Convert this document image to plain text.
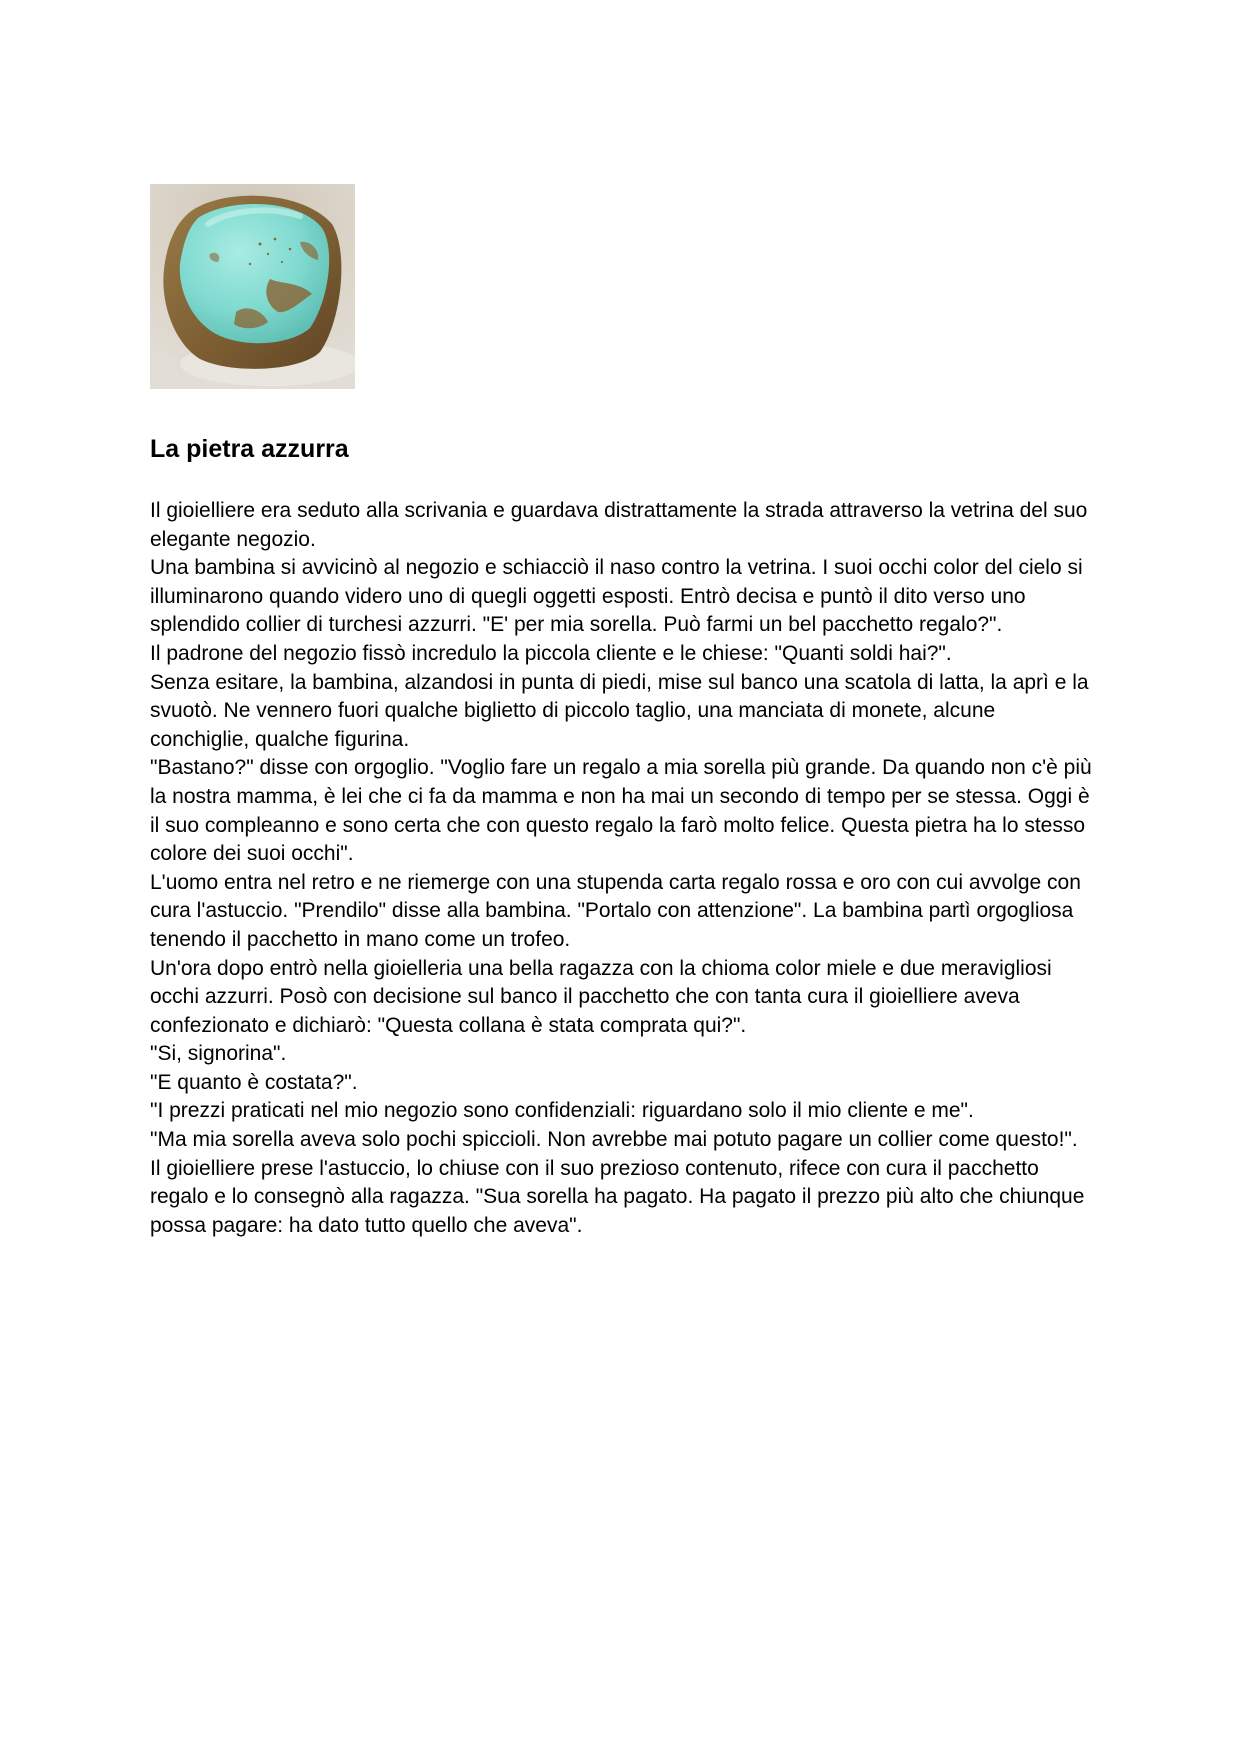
La pietra azzurra

Il gioielliere era seduto alla scrivania e guardava distrattamente la strada attraverso la vetrina del suo elegante negozio.

Una bambina si avvicinò al negozio e schiacciò il naso contro la vetrina. I suoi occhi color del cielo si illuminarono quando videro uno di quegli oggetti esposti. Entrò decisa e puntò il dito verso uno splendido collier di turchesi azzurri. "E' per mia sorella. Può farmi un bel pacchetto regalo?".

Il padrone del negozio fissò incredulo la piccola cliente e le chiese: "Quanti soldi hai?".

Senza esitare, la bambina, alzandosi in punta di piedi, mise sul banco una scatola di latta, la aprì e la svuotò. Ne vennero fuori qualche biglietto di piccolo taglio, una manciata di monete, alcune conchiglie, qualche figurina.

"Bastano?" disse con orgoglio. "Voglio fare un regalo a mia sorella più grande. Da quando non c'è più la nostra mamma, è lei che ci fa da mamma e non ha mai un secondo di tempo per se stessa. Oggi è il suo compleanno e sono certa che con questo regalo la farò molto felice. Questa pietra ha lo stesso colore dei suoi occhi".

L'uomo entra nel retro e ne riemerge con una stupenda carta regalo rossa e oro con cui avvolge con cura l'astuccio. "Prendilo" disse alla bambina. "Portalo con attenzione". La bambina partì orgogliosa tenendo il pacchetto in mano come un trofeo.

Un'ora dopo entrò nella gioielleria una bella ragazza con la chioma color miele e due meravigliosi occhi azzurri. Posò con decisione sul banco il pacchetto che con tanta cura il gioielliere aveva confezionato e dichiarò: "Questa collana è stata comprata qui?".

"Si, signorina".

"E quanto è costata?".

"I prezzi praticati nel mio negozio sono confidenziali: riguardano solo il mio cliente e me".

"Ma mia sorella aveva solo pochi spiccioli. Non avrebbe mai potuto pagare un collier come questo!".

Il gioielliere prese l'astuccio, lo chiuse con il suo prezioso contenuto, rifece con cura il pacchetto regalo e lo consegnò alla ragazza. "Sua sorella ha pagato. Ha pagato il prezzo più alto che chiunque possa pagare: ha dato tutto quello che aveva".
